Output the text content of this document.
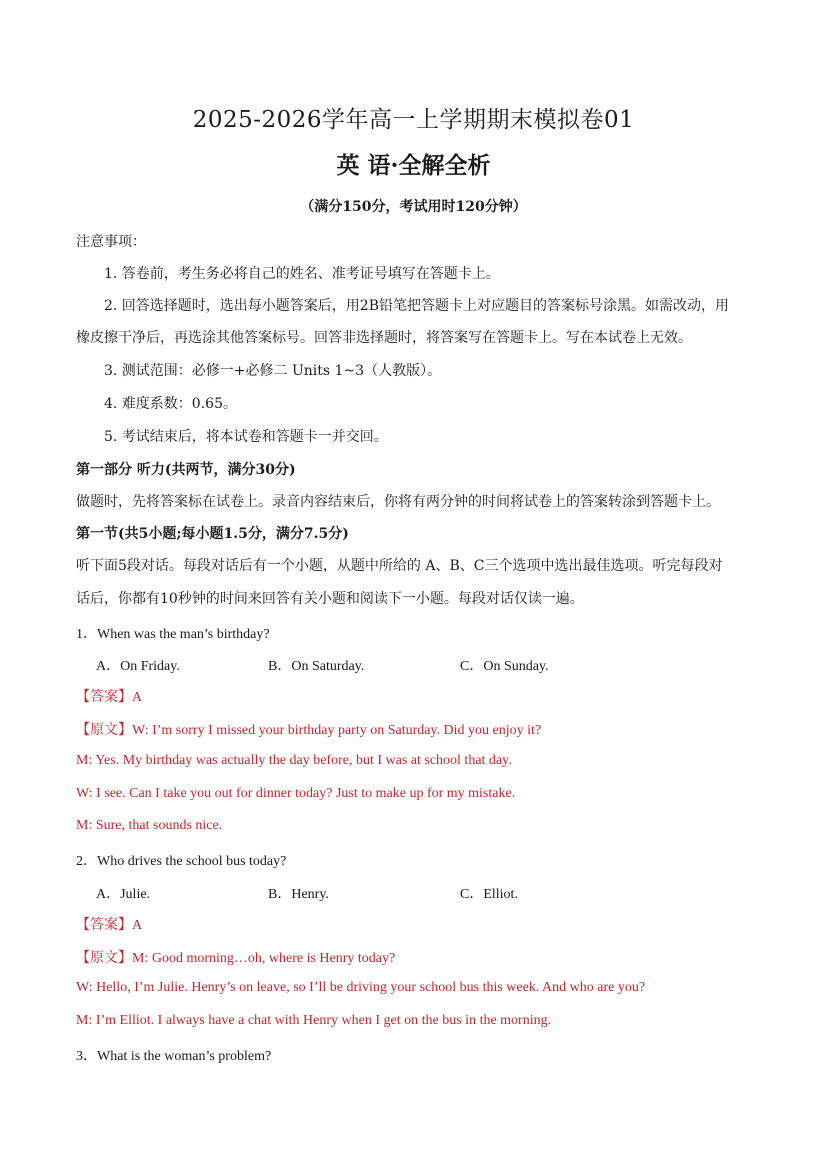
2025-2026学年高一上学期期末模拟卷01
英 语·全解全析
（满分150分，考试用时120分钟）
注意事项：
1. 答卷前，考生务必将自己的姓名、准考证号填写在答题卡上。
2. 回答选择题时，选出每小题答案后，用2B铅笔把答题卡上对应题目的答案标号涂黑。如需改动，用
橡皮擦干净后，再选涂其他答案标号。回答非选择题时，将答案写在答题卡上。写在本试卷上无效。
3. 测试范围：必修一+必修二 Units 1~3（人教版）。
4. 难度系数：0.65。
5. 考试结束后，将本试卷和答题卡一并交回。
第一部分 听力(共两节，满分30分)
做题时，先将答案标在试卷上。录音内容结束后，你将有两分钟的时间将试卷上的答案转涂到答题卡上。
第一节(共5小题;每小题1.5分，满分7.5分)
听下面5段对话。每段对话后有一个小题，从题中所给的 A、B、C三个选项中选出最佳选项。听完每段对
话后，你都有10秒钟的时间来回答有关小题和阅读下一小题。每段对话仅读一遍。
1．When was the man’s birthday?
A．On Friday.	B．On Saturday.	C．On Sunday.
【答案】A
【原文】W: I’m sorry I missed your birthday party on Saturday. Did you enjoy it?
M: Yes. My birthday was actually the day before, but I was at school that day.
W: I see. Can I take you out for dinner today? Just to make up for my mistake.
M: Sure, that sounds nice.
2．Who drives the school bus today?
A．Julie.	B．Henry.	C．Elliot.
【答案】A
【原文】M: Good morning…oh, where is Henry today?
W: Hello, I’m Julie. Henry’s on leave, so I’ll be driving your school bus this week. And who are you?
M: I’m Elliot. I always have a chat with Henry when I get on the bus in the morning.
3．What is the woman’s problem?
